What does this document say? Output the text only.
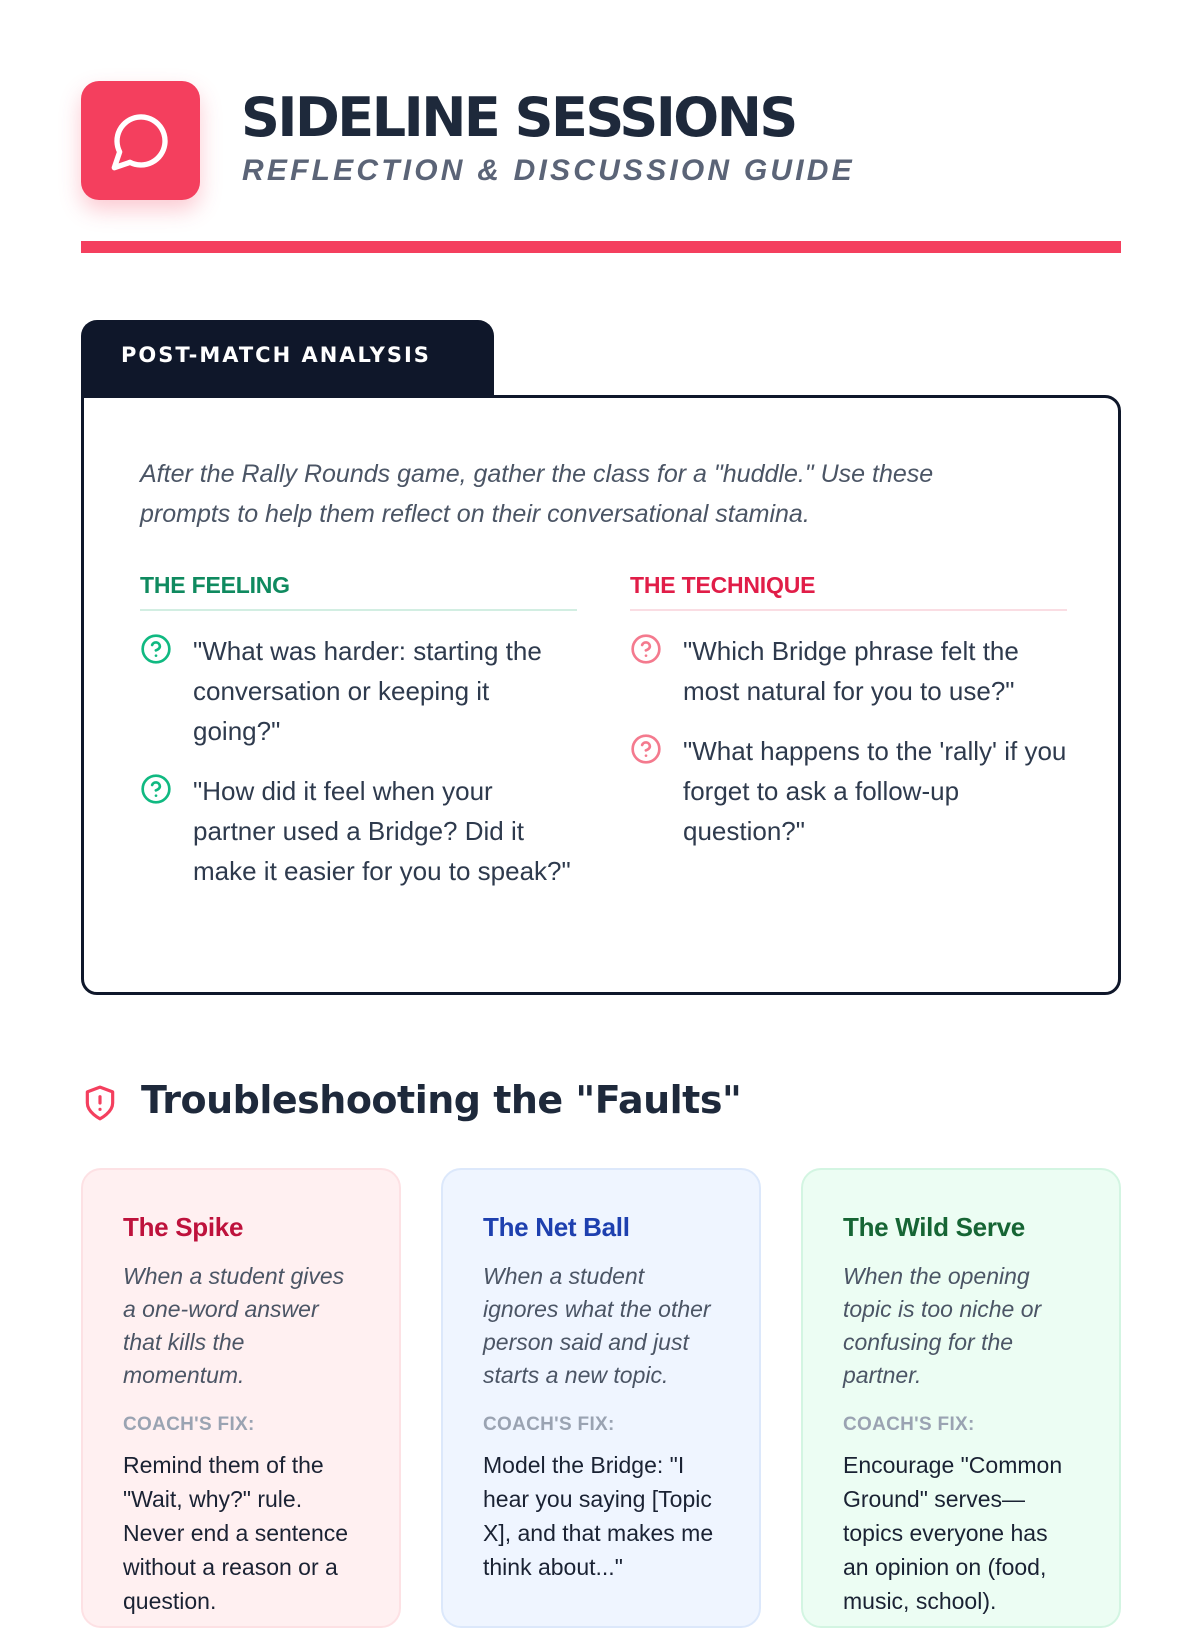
SIDELINE SESSIONS
REFLECTION & DISCUSSION GUIDE
POST-MATCH ANALYSIS

After the Rally Rounds game, gather the class for a "huddle." Use these prompts to help them reflect on their conversational stamina.

THE FEELING
"What was harder: starting the conversation or keeping it going?"
"How did it feel when your partner used a Bridge? Did it make it easier for you to speak?"
THE TECHNIQUE
"Which Bridge phrase felt the most natural for you to use?"
"What happens to the 'rally' if you forget to ask a follow-up question?"
Troubleshooting the "Faults"
The Spike
When a student gives a one-word answer that kills the momentum.
COACH'S FIX:
Remind them of the "Wait, why?" rule. Never end a sentence without a reason or a question.
The Net Ball
When a student ignores what the other person said and just starts a new topic.
COACH'S FIX:
Model the Bridge: "I hear you saying [Topic X], and that makes me think about..."
The Wild Serve
When the opening topic is too niche or confusing for the partner.
COACH'S FIX:
Encourage "Common Ground" serves—topics everyone has an opinion on (food, music, school).
